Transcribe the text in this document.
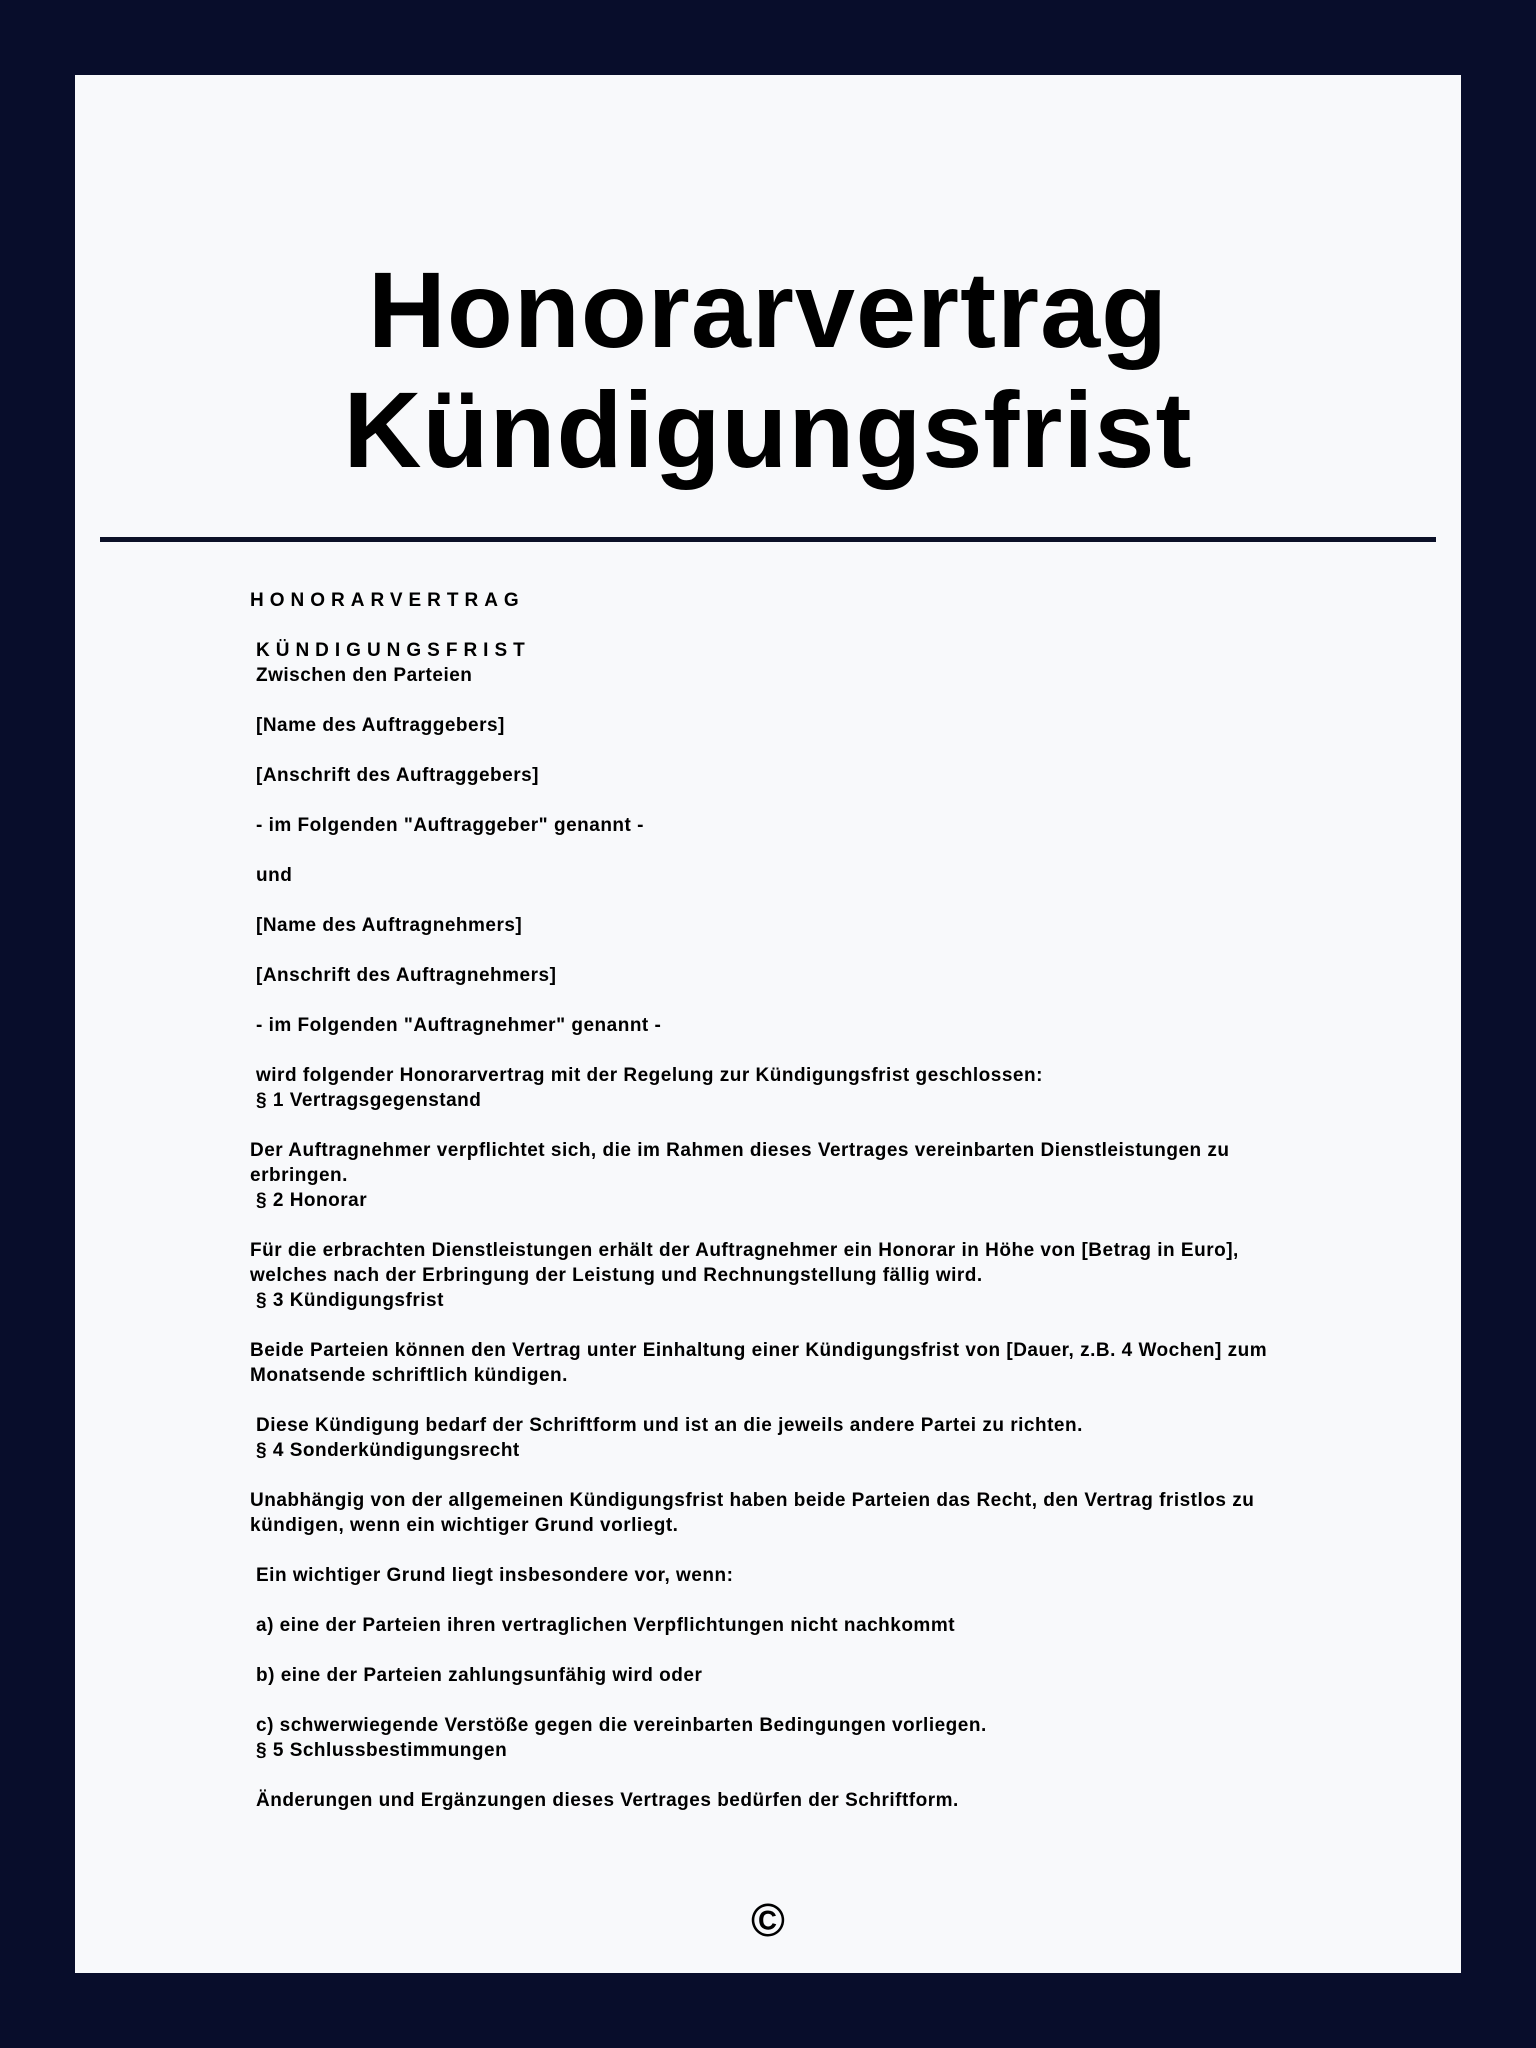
Honorarvertrag
Kündigungsfrist
HONORARVERTRAG
KÜNDIGUNGSFRIST
Zwischen den Parteien
[Name des Auftraggebers]
[Anschrift des Auftraggebers]
- im Folgenden "Auftraggeber" genannt -
und
[Name des Auftragnehmers]
[Anschrift des Auftragnehmers]
- im Folgenden "Auftragnehmer" genannt -
wird folgender Honorarvertrag mit der Regelung zur Kündigungsfrist geschlossen:
§ 1 Vertragsgegenstand
Der Auftragnehmer verpflichtet sich, die im Rahmen dieses Vertrages vereinbarten Dienstleistungen zu
erbringen.
§ 2 Honorar
Für die erbrachten Dienstleistungen erhält der Auftragnehmer ein Honorar in Höhe von [Betrag in Euro],
welches nach der Erbringung der Leistung und Rechnungstellung fällig wird.
§ 3 Kündigungsfrist
Beide Parteien können den Vertrag unter Einhaltung einer Kündigungsfrist von [Dauer, z.B. 4 Wochen] zum
Monatsende schriftlich kündigen.
Diese Kündigung bedarf der Schriftform und ist an die jeweils andere Partei zu richten.
§ 4 Sonderkündigungsrecht
Unabhängig von der allgemeinen Kündigungsfrist haben beide Parteien das Recht, den Vertrag fristlos zu
kündigen, wenn ein wichtiger Grund vorliegt.
Ein wichtiger Grund liegt insbesondere vor, wenn:
a) eine der Parteien ihren vertraglichen Verpflichtungen nicht nachkommt
b) eine der Parteien zahlungsunfähig wird oder
c) schwerwiegende Verstöße gegen die vereinbarten Bedingungen vorliegen.
§ 5 Schlussbestimmungen
Änderungen und Ergänzungen dieses Vertrages bedürfen der Schriftform.
©
